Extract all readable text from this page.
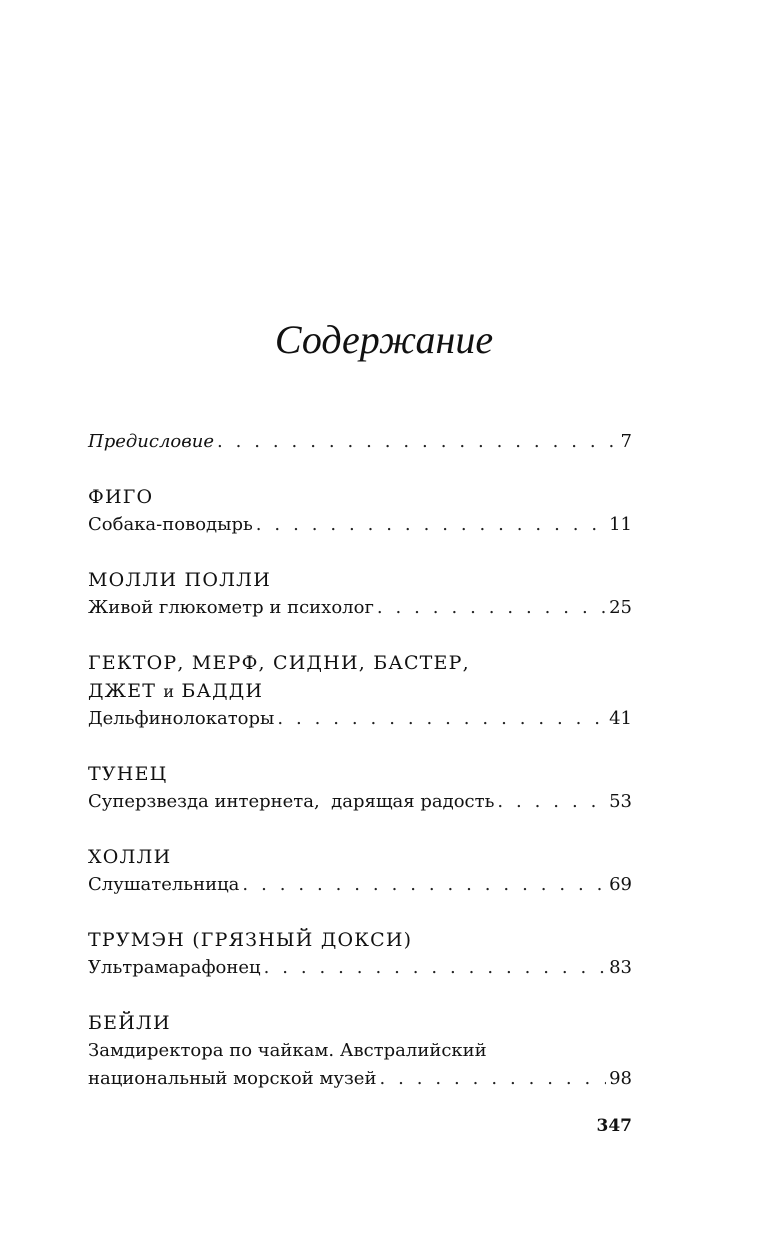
Содержание
Предисловие . . .	7
ФИГО
Собака-поводырь . . .	11
МОЛЛИ ПОЛЛИ
Живой глюкометр и психолог . . .	25
ГЕКТОР, МЕРФ, СИДНИ, БАСТЕР,
ДЖЕТ и БАДДИ
Дельфинолокаторы . . .	41
ТУНЕЦ
Суперзвезда интернета,  дарящая радость . . .	53
ХОЛЛИ
Слушательница . . .	69
ТРУМЭН (ГРЯЗНЫЙ ДОКСИ)
Ультрамарафонец . . .	83
БЕЙЛИ
Замдиректора по чайкам. Австралийский
национальный морской музей . . .	98
347
